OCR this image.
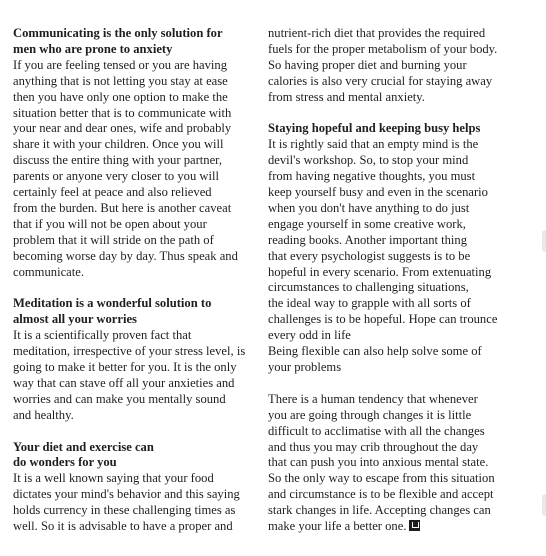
Communicating is the only solution for
men who are prone to anxiety
If you are feeling tensed or you are having
anything that is not letting you stay at ease
then you have only one option to make the
situation better that is to communicate with
your near and dear ones, wife and probably
share it with your children. Once you will
discuss the entire thing with your partner,
parents or anyone very closer to you will
certainly feel at peace and also relieved
from the burden. But here is another caveat
that if you will not be open about your
problem that it will stride on the path of
becoming worse day by day. Thus speak and
communicate.
Meditation is a wonderful solution to
almost all your worries
It is a scientifically proven fact that
meditation, irrespective of your stress level, is
going to make it better for you. It is the only
way that can stave off all your anxieties and
worries and can make you mentally sound
and healthy.
Your diet and exercise can
do wonders for you
It is a well known saying that your food
dictates your mind's behavior and this saying
holds currency in these challenging times as
well. So it is advisable to have a proper and
nutrient-rich diet that provides the required
fuels for the proper metabolism of your body.
So having proper diet and burning your
calories is also very crucial for staying away
from stress and mental anxiety.
Staying hopeful and keeping busy helps
It is rightly said that an empty mind is the
devil's workshop. So, to stop your mind
from having negative thoughts, you must
keep yourself busy and even in the scenario
when you don't have anything to do just
engage yourself in some creative work,
reading books. Another important thing
that every psychologist suggests is to be
hopeful in every scenario. From extenuating
circumstances to challenging situations,
the ideal way to grapple with all sorts of
challenges is to be hopeful. Hope can trounce
every odd in life
Being flexible can also help solve some of
your problems
There is a human tendency that whenever
you are going through changes it is little
difficult to acclimatise with all the changes
and thus you may crib throughout the day
that can push you into anxious mental state.
So the only way to escape from this situation
and circumstance is to be flexible and accept
stark changes in life. Accepting changes can
make your life a better one.
